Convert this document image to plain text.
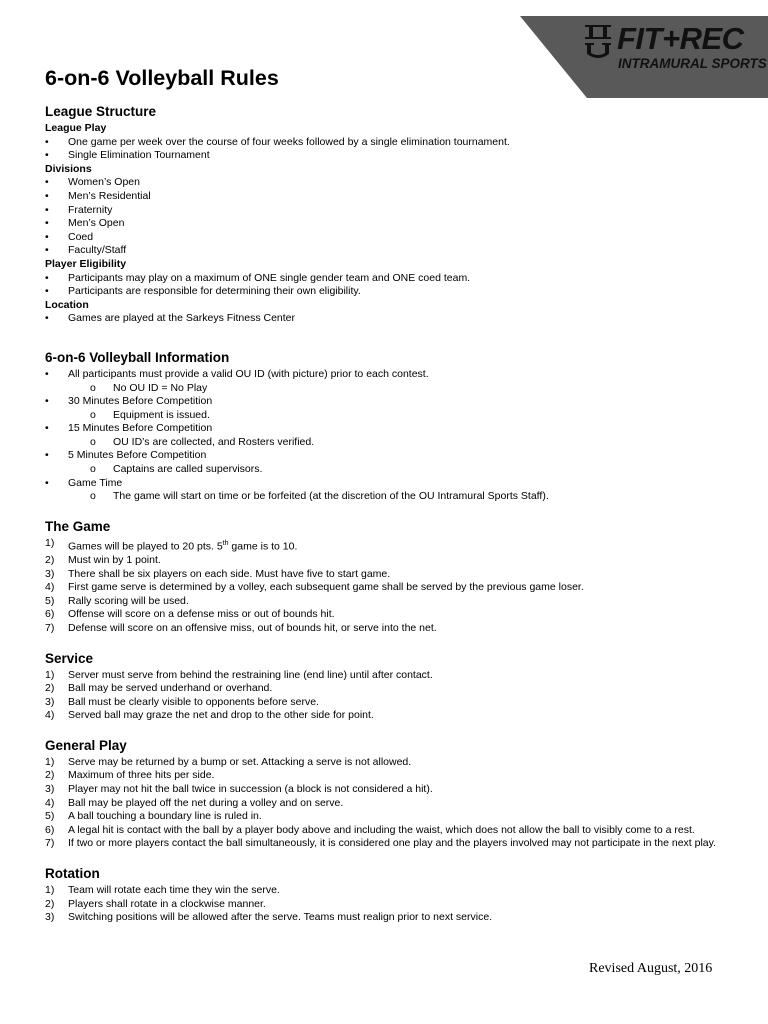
FIT+REC
INTRAMURAL SPORTS
6-on-6 Volleyball Rules
League Structure
League Play
• One game per week over the course of four weeks followed by a single elimination tournament.
• Single Elimination Tournament
Divisions
• Women’s Open
• Men’s Residential
• Fraternity
• Men’s Open
• Coed
• Faculty/Staff
Player Eligibility
• Participants may play on a maximum of ONE single gender team and ONE coed team.
• Participants are responsible for determining their own eligibility.
Location
• Games are played at the Sarkeys Fitness Center
6-on-6 Volleyball Information
• All participants must provide a valid OU ID (with picture) prior to each contest.
o No OU ID = No Play
• 30 Minutes Before Competition
o Equipment is issued.
• 15 Minutes Before Competition
o OU ID’s are collected, and Rosters verified.
• 5 Minutes Before Competition
o Captains are called supervisors.
• Game Time
o The game will start on time or be forfeited (at the discretion of the OU Intramural Sports Staff).
The Game
1) Games will be played to 20 pts. 5th game is to 10.
2) Must win by 1 point.
3) There shall be six players on each side. Must have five to start game.
4) First game serve is determined by a volley, each subsequent game shall be served by the previous game loser.
5) Rally scoring will be used.
6) Offense will score on a defense miss or out of bounds hit.
7) Defense will score on an offensive miss, out of bounds hit, or serve into the net.
Service
1) Server must serve from behind the restraining line (end line) until after contact.
2) Ball may be served underhand or overhand.
3) Ball must be clearly visible to opponents before serve.
4) Served ball may graze the net and drop to the other side for point.
General Play
1) Serve may be returned by a bump or set. Attacking a serve is not allowed.
2) Maximum of three hits per side.
3) Player may not hit the ball twice in succession (a block is not considered a hit).
4) Ball may be played off the net during a volley and on serve.
5) A ball touching a boundary line is ruled in.
6) A legal hit is contact with the ball by a player body above and including the waist, which does not allow the ball to visibly come to a rest.
7) If two or more players contact the ball simultaneously, it is considered one play and the players involved may not participate in the next play.
Rotation
1) Team will rotate each time they win the serve.
2) Players shall rotate in a clockwise manner.
3) Switching positions will be allowed after the serve. Teams must realign prior to next service.
Revised August, 2016
